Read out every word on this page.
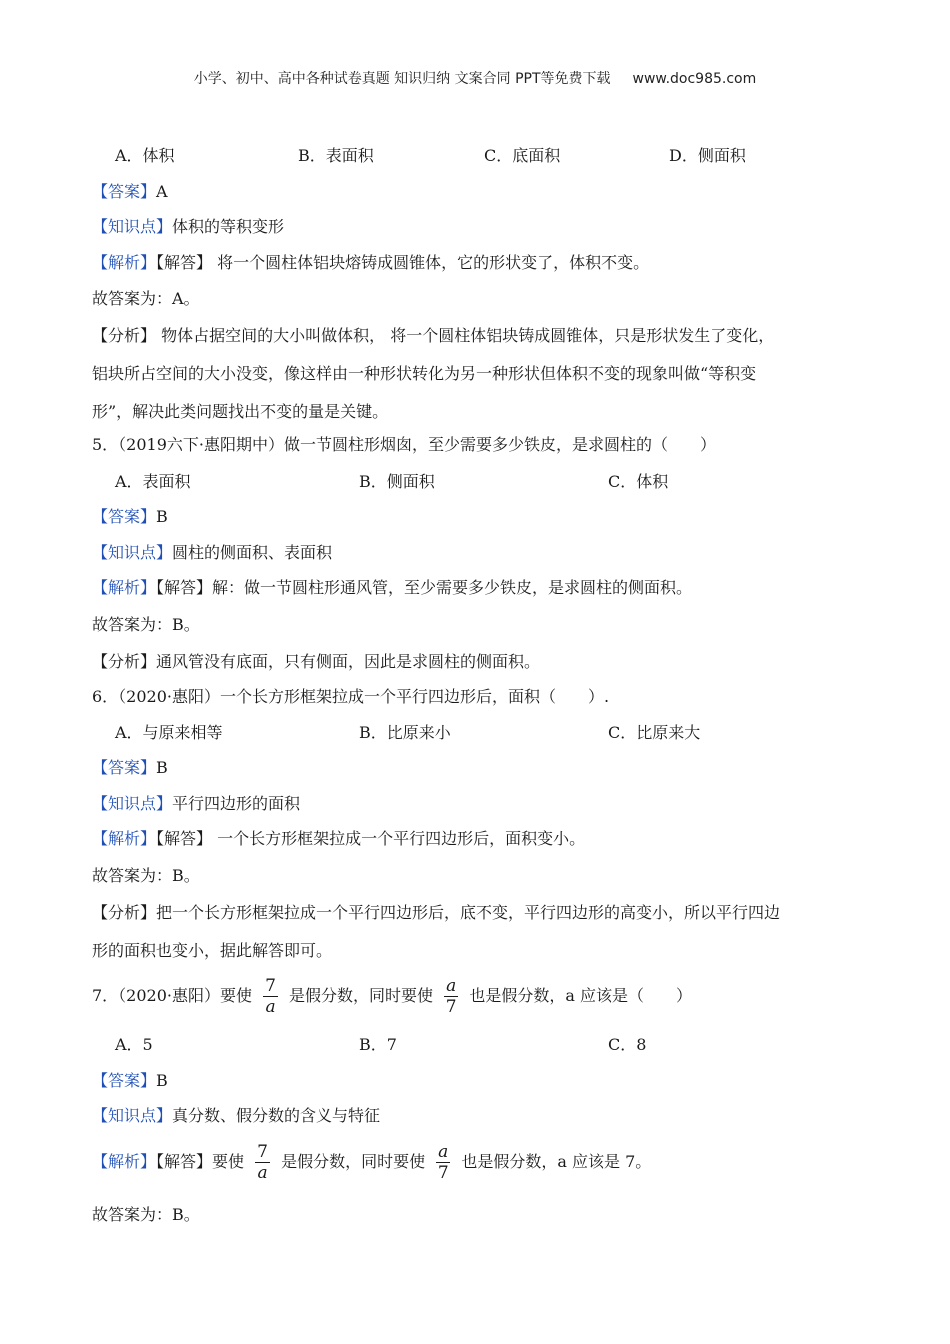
小学、初中、高中各种试卷真题 知识归纳 文案合同 PPT等免费下载 www.doc985.com
A．体积	B．表面积	C．底面积	D．侧面积
【答案】A
【知识点】体积的等积变形
【解析】【解答】 将一个圆柱体铝块熔铸成圆锥体，它的形状变了，体积不变。
故答案为：A。
【分析】 物体占据空间的大小叫做体积， 将一个圆柱体铝块铸成圆锥体，只是形状发生了变化，
铝块所占空间的大小没变，像这样由一种形状转化为另一种形状但体积不变的现象叫做“等积变
形”，解决此类问题找出不变的量是关键。
5．（2019六下·惠阳期中）做一节圆柱形烟囱，至少需要多少铁皮，是求圆柱的（　　）
A．表面积	B．侧面积	C．体积
【答案】B
【知识点】圆柱的侧面积、表面积
【解析】【解答】解：做一节圆柱形通风管，至少需要多少铁皮，是求圆柱的侧面积。
故答案为：B。
【分析】通风管没有底面，只有侧面，因此是求圆柱的侧面积。
6．（2020·惠阳）一个长方形框架拉成一个平行四边形后，面积（　　）.
A．与原来相等	B．比原来小	C．比原来大
【答案】B
【知识点】平行四边形的面积
【解析】【解答】 一个长方形框架拉成一个平行四边形后，面积变小。
故答案为：B。
【分析】把一个长方形框架拉成一个平行四边形后，底不变，平行四边形的高变小，所以平行四边
形的面积也变小，据此解答即可。
7．（2020·惠阳）要使 $\frac{7}{a}$ 是假分数，同时要使 $\frac{a}{7}$ 也是假分数，a 应该是（　　）
A．5	B．7	C．8
【答案】B
【知识点】真分数、假分数的含义与特征
【解析】【解答】要使 $\frac{7}{a}$ 是假分数，同时要使 $\frac{a}{7}$ 也是假分数，a 应该是 7。
故答案为：B。
